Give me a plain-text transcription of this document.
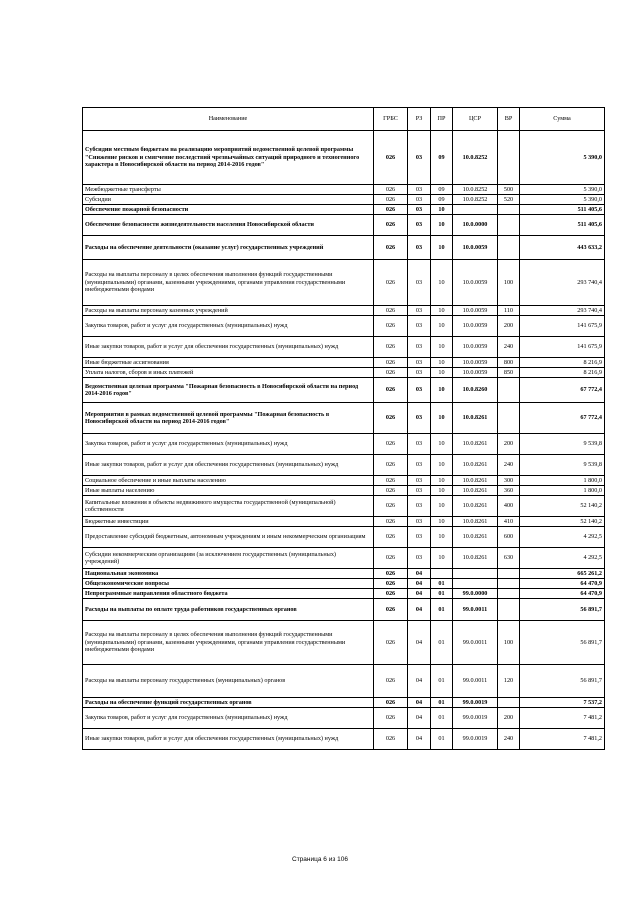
Наименование	ГРБС	РЗ	ПР	ЦСР	ВР	Сумма
Субсидии местным бюджетам на реализацию мероприятий ведомственной целевой программы "Снижение рисков и смягчение последствий чрезвычайных ситуаций природного и техногенного характера в Новосибирской области на период 2014-2016 годов"	026	03	09	10.0.8252		5 390,0
Межбюджетные трансферты	026	03	09	10.0.8252	500	5 390,0
Субсидии	026	03	09	10.0.8252	520	5 390,0
Обеспечение пожарной безопасности	026	03	10			511 405,6
Обеспечение безопасности жизнедеятельности населения Новосибирской области	026	03	10	10.0.0000		511 405,6
Расходы на обеспечение деятельности (оказание услуг) государственных учреждений	026	03	10	10.0.0059		443 633,2
Расходы на выплаты персоналу в целях обеспечения выполнения функций государственными (муниципальными) органами, казенными учреждениями, органами управления государственными внебюджетными фондами	026	03	10	10.0.0059	100	293 740,4
Расходы на выплаты персоналу казенных учреждений	026	03	10	10.0.0059	110	293 740,4
Закупка товаров, работ и услуг для государственных (муниципальных) нужд	026	03	10	10.0.0059	200	141 675,9
Иные закупки товаров, работ и услуг для обеспечения государственных (муниципальных) нужд	026	03	10	10.0.0059	240	141 675,9
Иные бюджетные ассигнования	026	03	10	10.0.0059	800	8 216,9
Уплата налогов, сборов и иных платежей	026	03	10	10.0.0059	850	8 216,9
Ведомственная целевая программа "Пожарная безопасность в Новосибирской области на период 2014-2016 годов"	026	03	10	10.0.8260		67 772,4
Мероприятия в рамках ведомственной целевой программы "Пожарная безопасность в Новосибирской области на период 2014-2016 годов"	026	03	10	10.0.8261		67 772,4
Закупка товаров, работ и услуг для государственных (муниципальных) нужд	026	03	10	10.0.8261	200	9 539,8
Иные закупки товаров, работ и услуг для обеспечения государственных (муниципальных) нужд	026	03	10	10.0.8261	240	9 539,8
Социальное обеспечение и иные выплаты населению	026	03	10	10.0.8261	300	1 800,0
Иные выплаты населению	026	03	10	10.0.8261	360	1 800,0
Капитальные вложения в объекты недвижимого имущества государственной (муниципальной) собственности	026	03	10	10.0.8261	400	52 140,2
Бюджетные инвестиции	026	03	10	10.0.8261	410	52 140,2
Предоставление субсидий бюджетным, автономным учреждениям и иным некоммерческим организациям	026	03	10	10.0.8261	600	4 292,5
Субсидии некоммерческим организациям (за исключением государственных (муниципальных) учреждений)	026	03	10	10.0.8261	630	4 292,5
Национальная экономика	026	04				665 261,2
Общеэкономические вопросы	026	04	01			64 470,9
Непрограммные направления областного бюджета	026	04	01	99.0.0000		64 470,9
Расходы на выплаты по оплате труда работников государственных органов	026	04	01	99.0.0011		56 891,7
Расходы на выплаты персоналу в целях обеспечения выполнения функций государственными (муниципальными) органами, казенными учреждениями, органами управления государственными внебюджетными фондами	026	04	01	99.0.0011	100	56 891,7
Расходы на выплаты персоналу государственных (муниципальных) органов	026	04	01	99.0.0011	120	56 891,7
Расходы на обеспечение функций государственных органов	026	04	01	99.0.0019		7 537,2
Закупка товаров, работ и услуг для государственных (муниципальных) нужд	026	04	01	99.0.0019	200	7 481,2
Иные закупки товаров, работ и услуг для обеспечения государственных (муниципальных) нужд	026	04	01	99.0.0019	240	7 481,2
Страница 6 из 106
